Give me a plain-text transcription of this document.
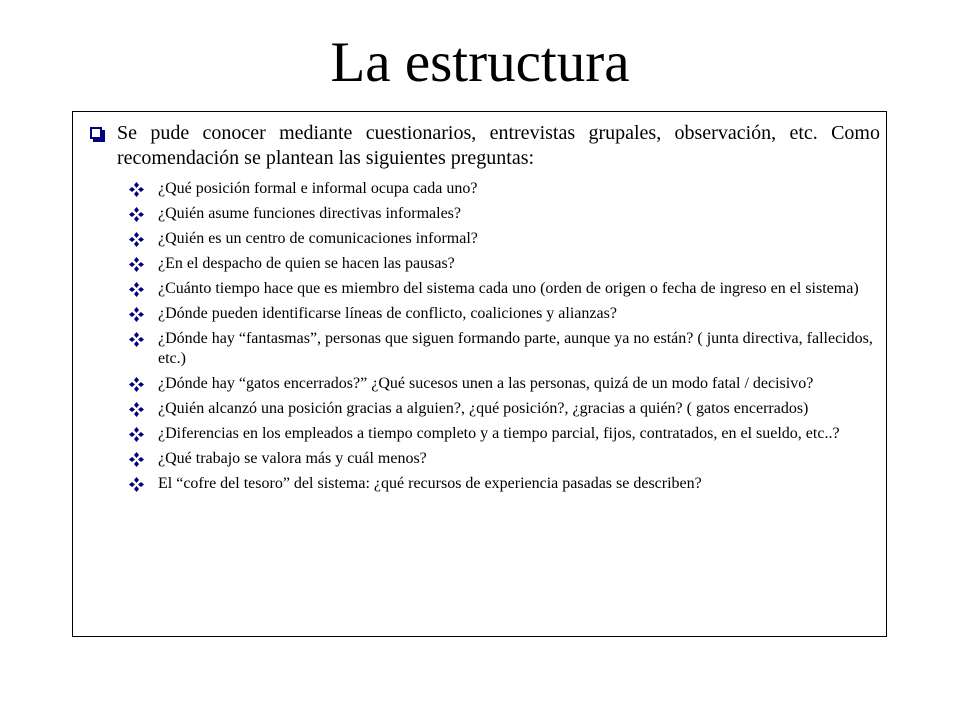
La estructura
Se pude conocer mediante cuestionarios, entrevistas grupales, observación, etc. Como recomendación se plantean las siguientes preguntas:
¿Qué posición formal e informal ocupa cada uno?
¿Quién asume funciones directivas informales?
¿Quién es un centro de comunicaciones informal?
¿En el despacho de quien se hacen las pausas?
¿Cuánto tiempo hace que es miembro del sistema cada uno (orden de origen o fecha de ingreso en el sistema)
¿Dónde pueden identificarse líneas de conflicto, coaliciones y alianzas?
¿Dónde hay “fantasmas”, personas que siguen formando parte, aunque ya no están? ( junta directiva, fallecidos, etc.)
¿Dónde hay “gatos encerrados?” ¿Qué sucesos unen a las personas, quizá de un modo fatal / decisivo?
¿Quién alcanzó una posición gracias a alguien?, ¿qué posición?, ¿gracias a quién? ( gatos encerrados)
¿Diferencias en los empleados a tiempo completo y a tiempo parcial, fijos, contratados, en el sueldo, etc..?
¿Qué trabajo se valora más y cuál menos?
El “cofre del tesoro” del sistema: ¿qué recursos de experiencia pasadas se describen?
